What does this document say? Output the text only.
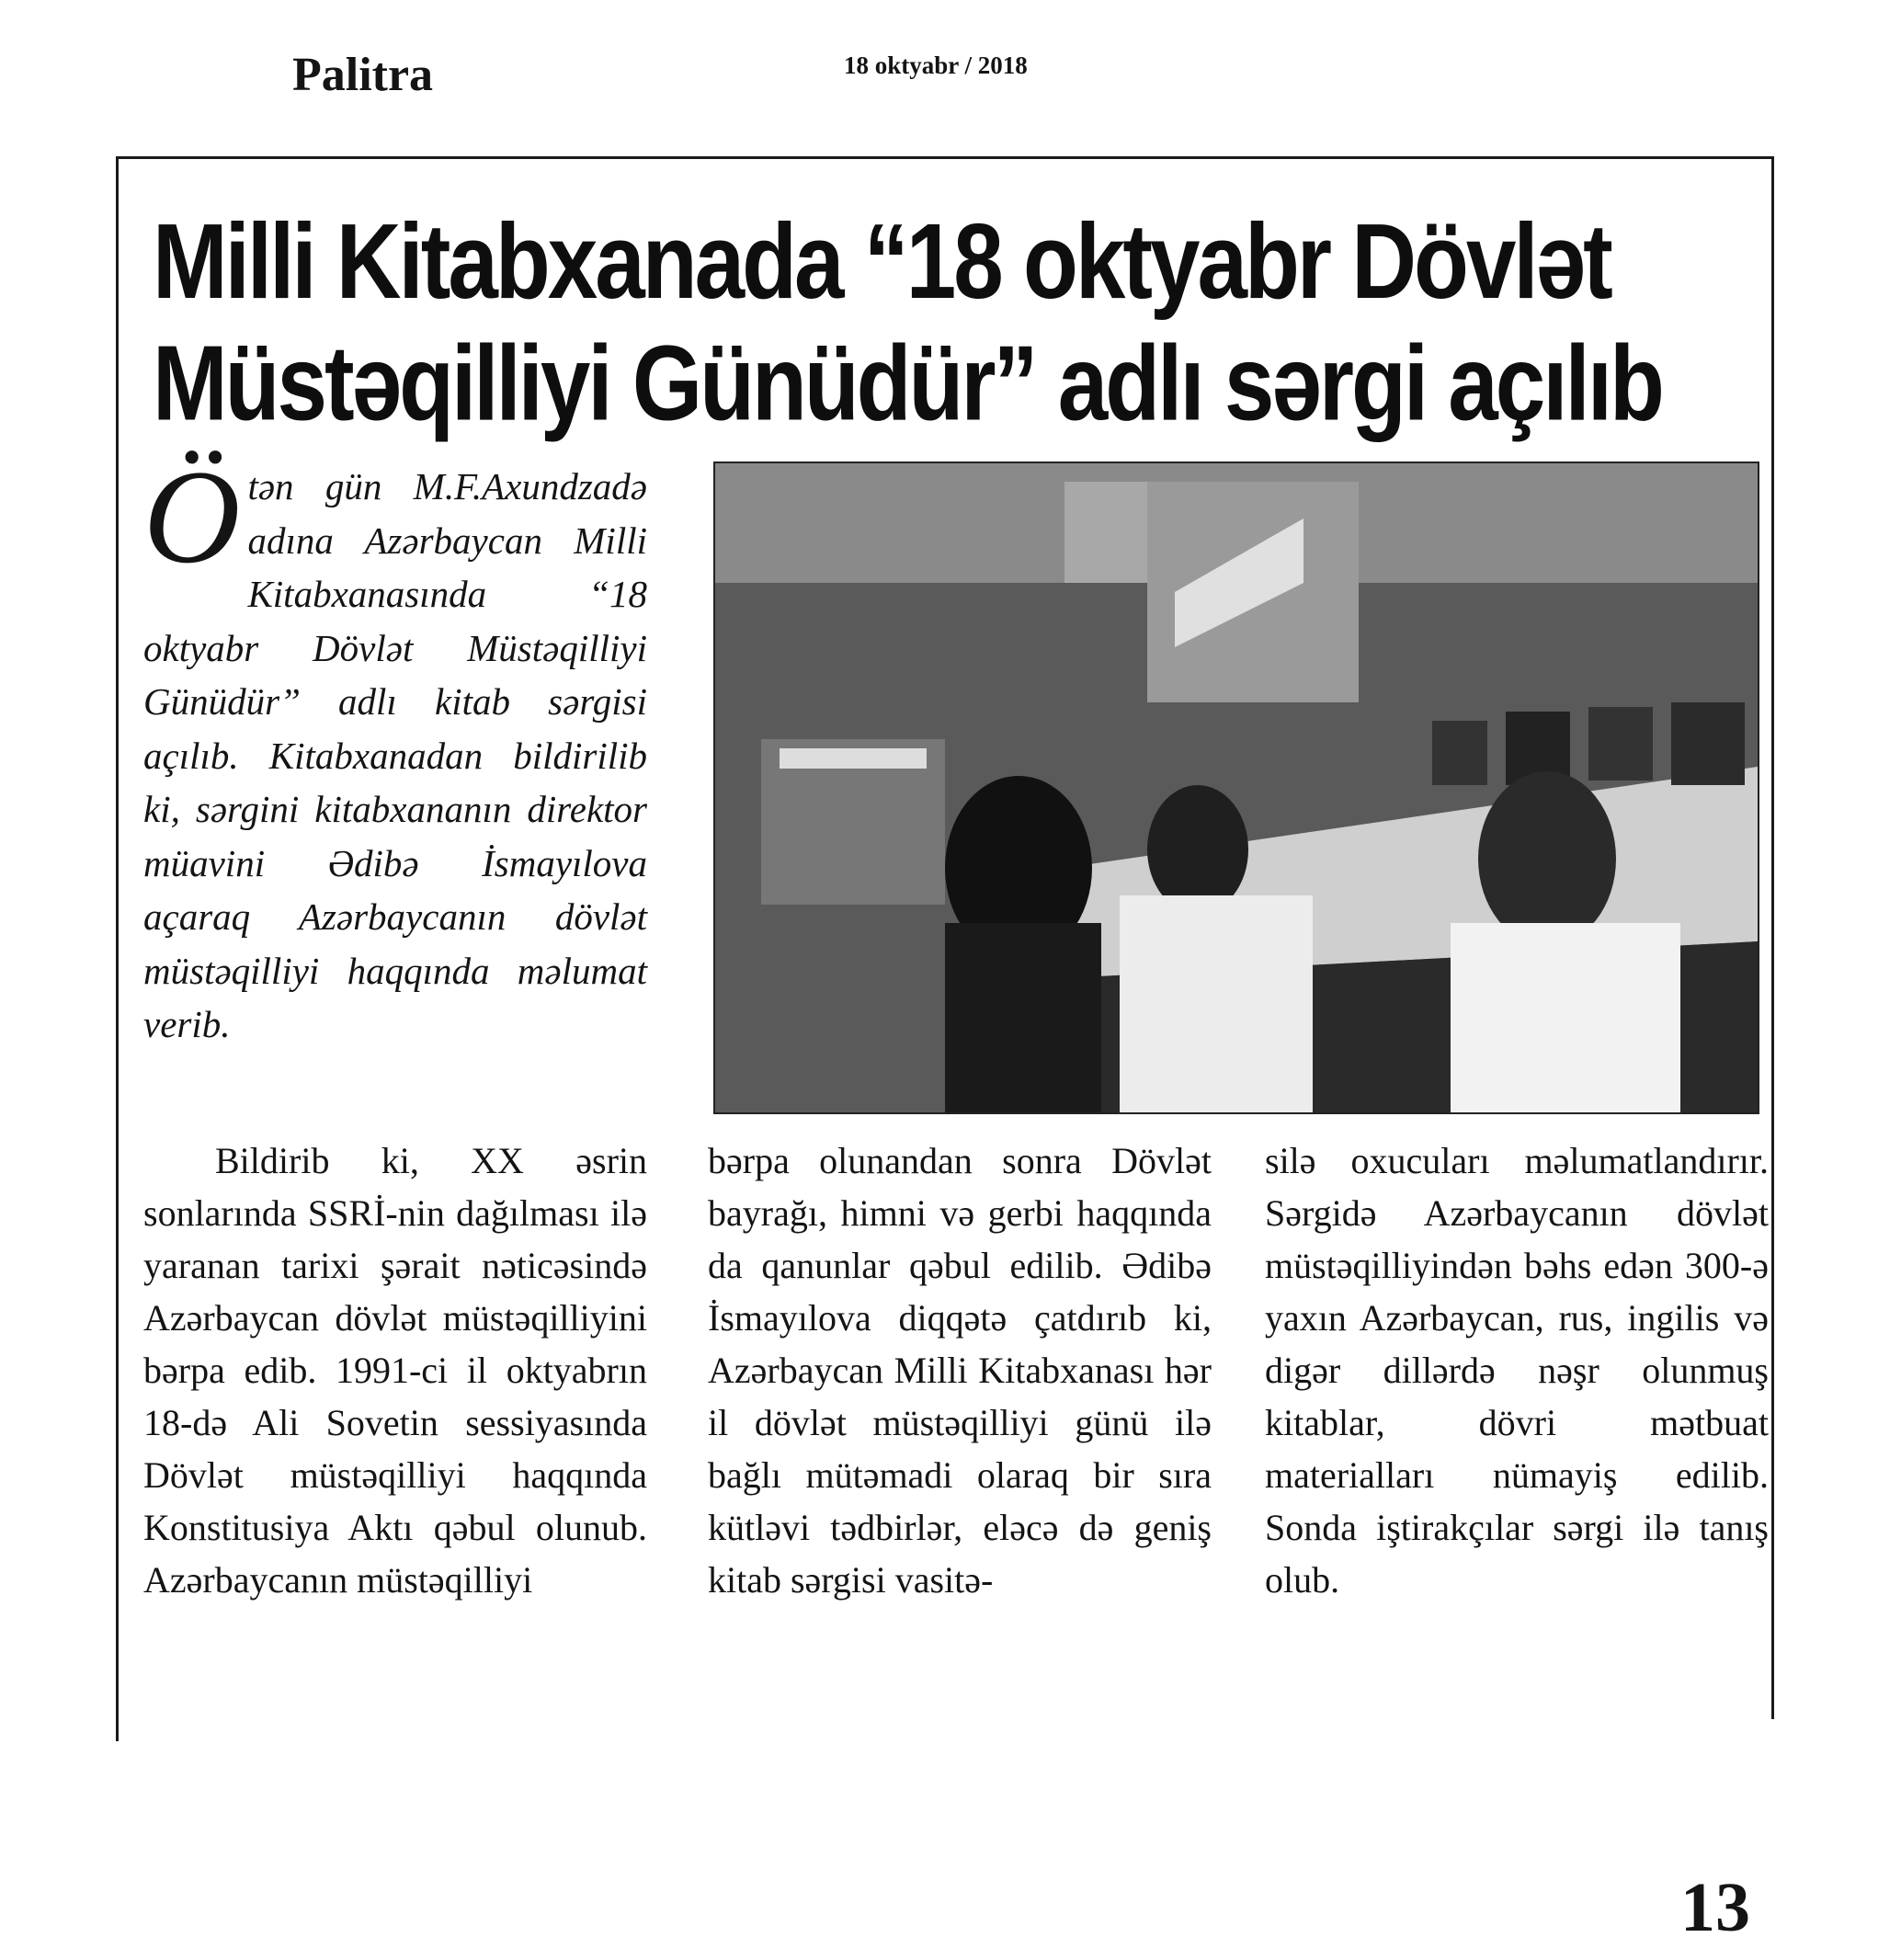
Palitra	18 oktyabr / 2018
Milli Kitabxanada “18 oktyabr Dövlət Müstəqilliyi Günüdür” adlı sərgi açılıb

Ötən gün M.F.Axundzadə adına Azərbaycan Milli Kitabxanasında “18 oktyabr Dövlət Müstəqilliyi Günüdür” adlı kitab sərgisi açılıb. Kitabxanadan bildirilib ki, sərgini kitabxananın direktor müavini Ədibə İsmayılova açaraq Azərbaycanın dövlət müstəqilliyi haqqında məlumat verib.

Bildirib ki, XX əsrin sonlarında SSRİ-nin dağılması ilə yaranan tarixi şərait nəticəsində Azərbaycan dövlət müstəqilliyini bərpa edib. 1991-ci il oktyabrın 18-də Ali Sovetin sessiyasında Dövlət müstəqilliyi haqqında Konstitusiya Aktı qəbul olunub. Azərbaycanın müstəqilliyi

bərpa olunandan sonra Dövlət bayrağı, himni və gerbi haqqında da qanunlar qəbul edilib. Ədibə İsmayılova diqqətə çatdırıb ki, Azərbaycan Milli Kitabxanası hər il dövlət müstəqilliyi günü ilə bağlı mütəmadi olaraq bir sıra kütləvi tədbirlər, eləcə də geniş kitab sərgisi vasitə-

silə oxucuları məlumatlandırır. Sərgidə Azərbaycanın dövlət müstəqilliyindən bəhs edən 300-ə yaxın Azərbaycan, rus, ingilis və digər dillərdə nəşr olunmuş kitablar, dövri mətbuat materialları nümayiş edilib. Sonda iştirakçılar sərgi ilə tanış olub.

13
